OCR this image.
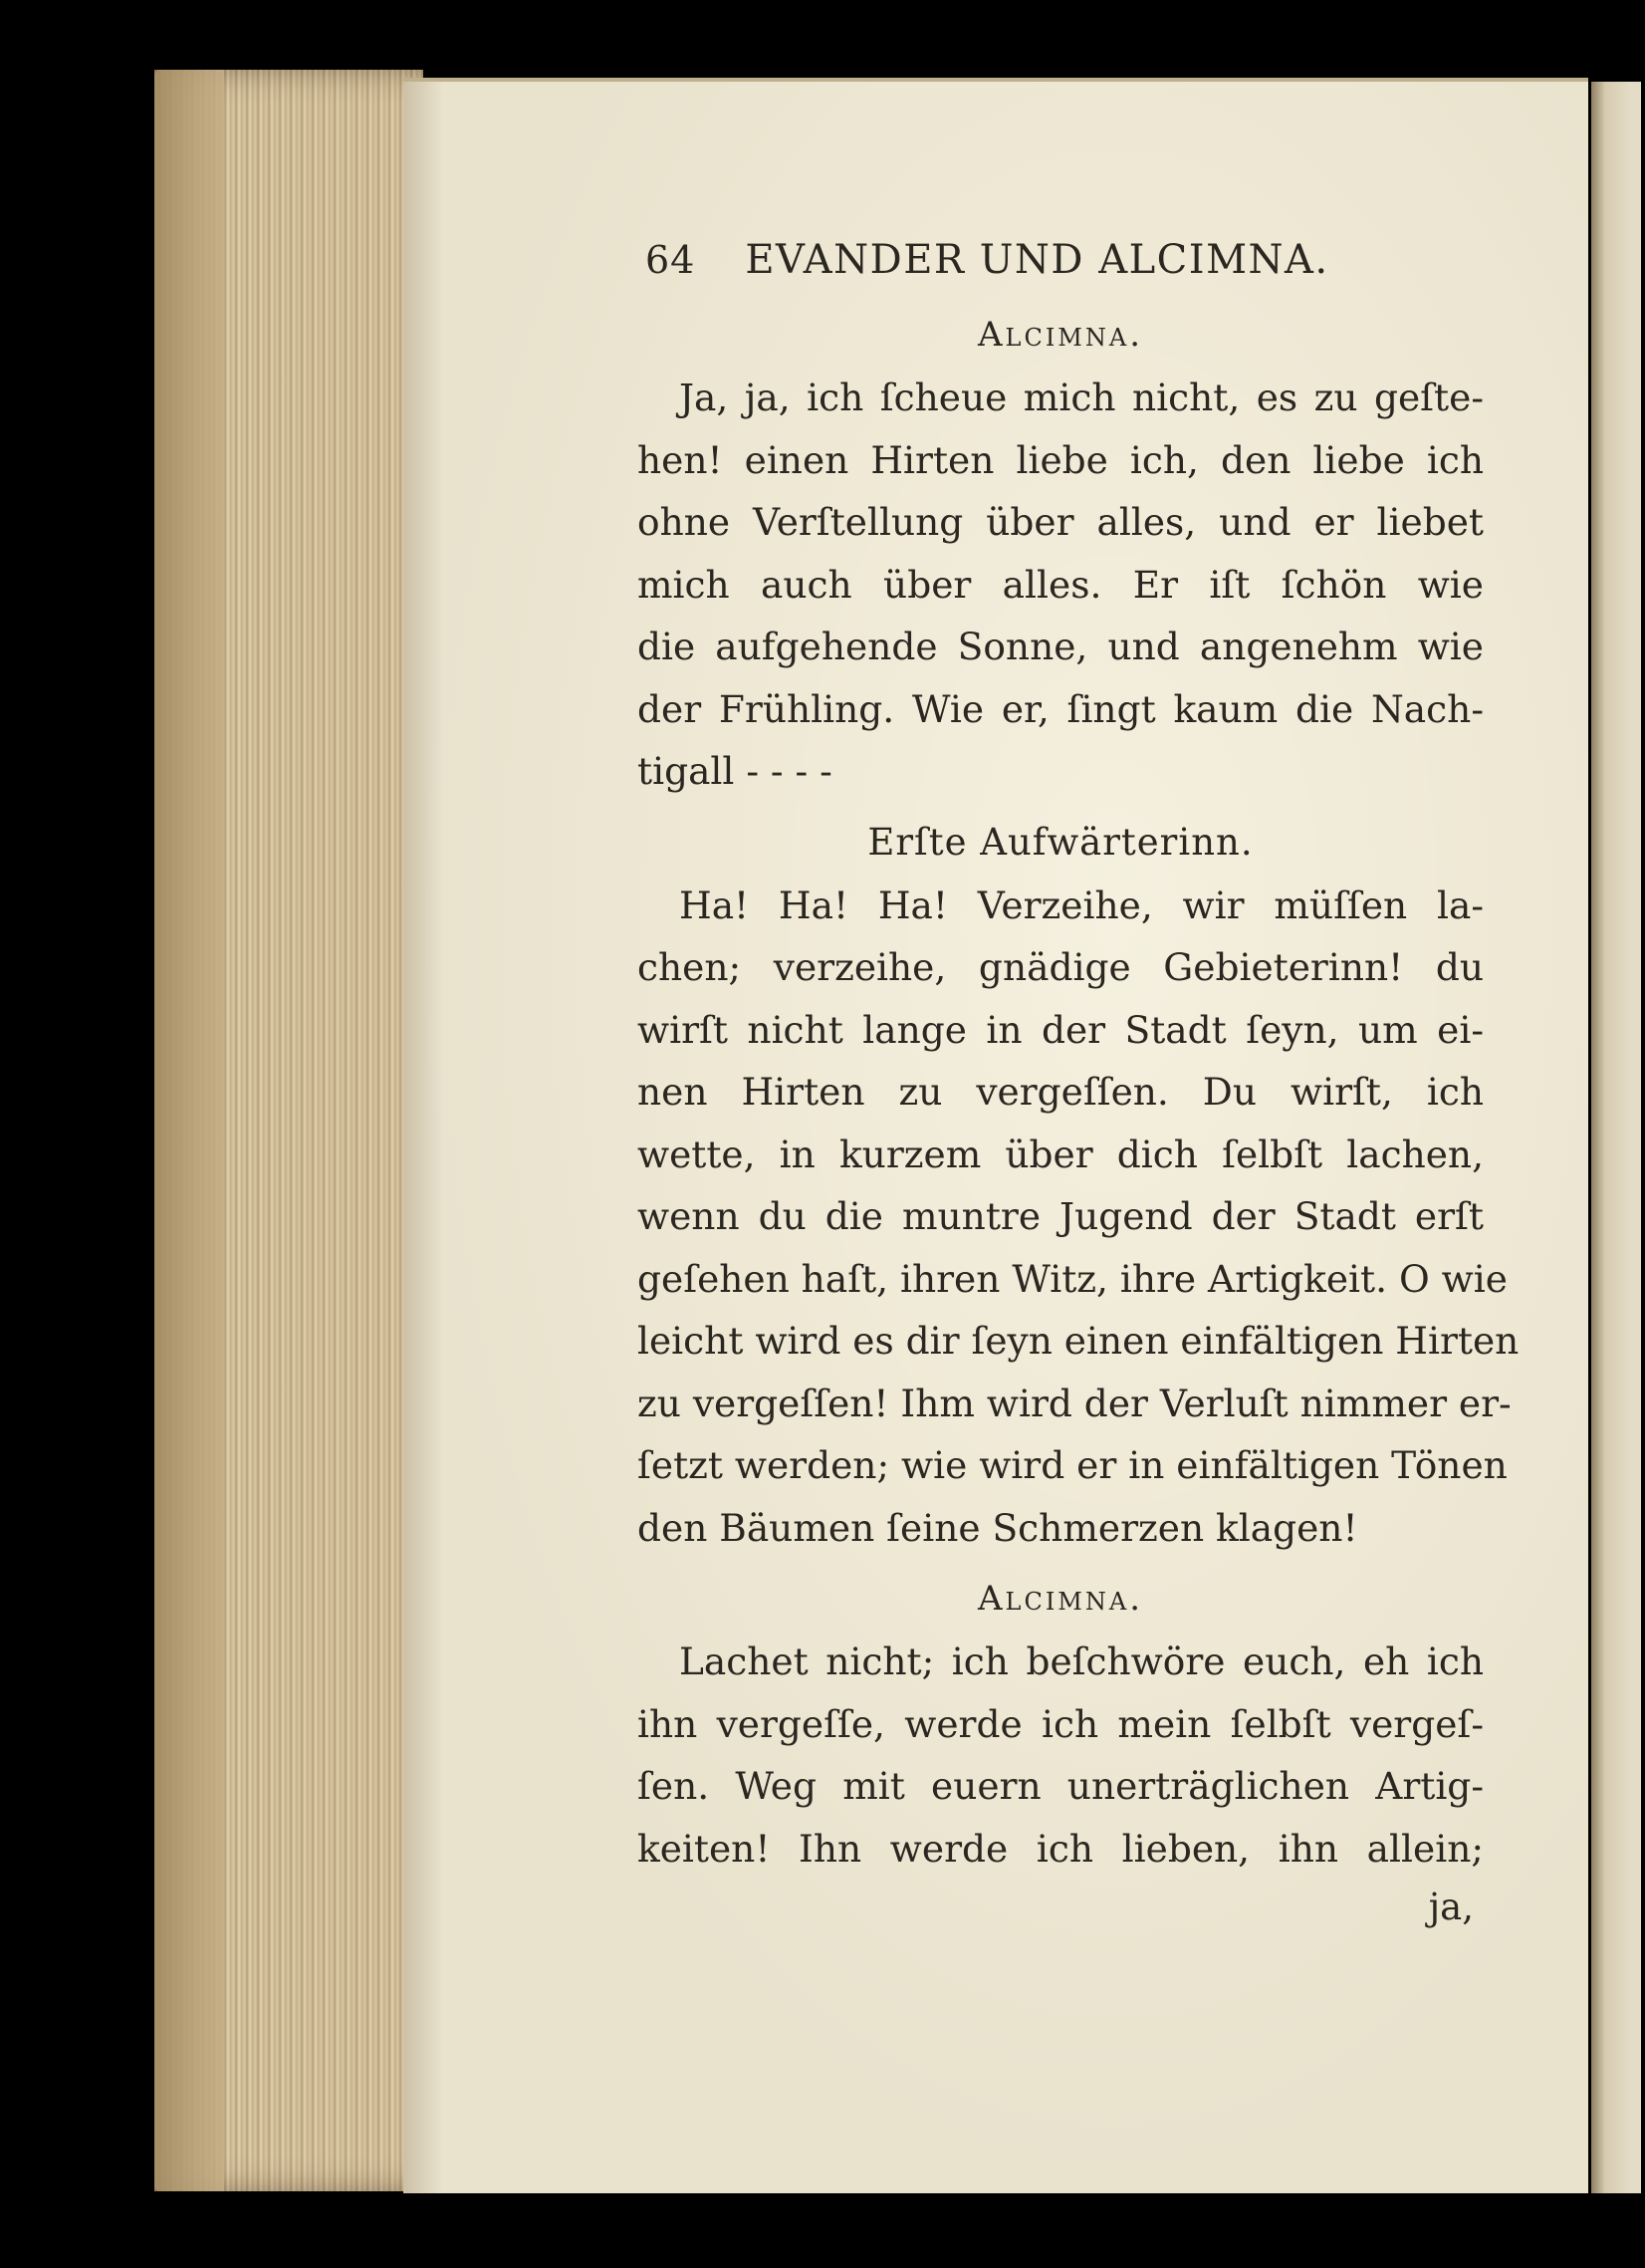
64 EVANDER UND ALCIMNA.
Alcimna.
Ja, ja, ich ſcheue mich nicht, es zu geſte-
hen! einen Hirten liebe ich, den liebe ich
ohne Verſtellung über alles, und er liebet
mich auch über alles. Er iſt ſchön wie
die aufgehende Sonne, und angenehm wie
der Frühling. Wie er, ſingt kaum die Nach-
tigall - - - -
Erſte Aufwärterinn.
Ha! Ha! Ha! Verzeihe, wir müſſen la-
chen; verzeihe, gnädige Gebieterinn! du
wirſt nicht lange in der Stadt ſeyn, um ei-
nen Hirten zu vergeſſen. Du wirſt, ich
wette, in kurzem über dich ſelbſt lachen,
wenn du die muntre Jugend der Stadt erſt
geſehen haſt, ihren Witz, ihre Artigkeit. O wie
leicht wird es dir ſeyn einen einfältigen Hirten
zu vergeſſen! Ihm wird der Verluſt nimmer er-
ſetzt werden; wie wird er in einfältigen Tönen
den Bäumen ſeine Schmerzen klagen!
Alcimna.
Lachet nicht; ich beſchwöre euch, eh ich
ihn vergeſſe, werde ich mein ſelbſt vergeſ-
ſen. Weg mit euern unerträglichen Artig-
keiten! Ihn werde ich lieben, ihn allein;
ja,
